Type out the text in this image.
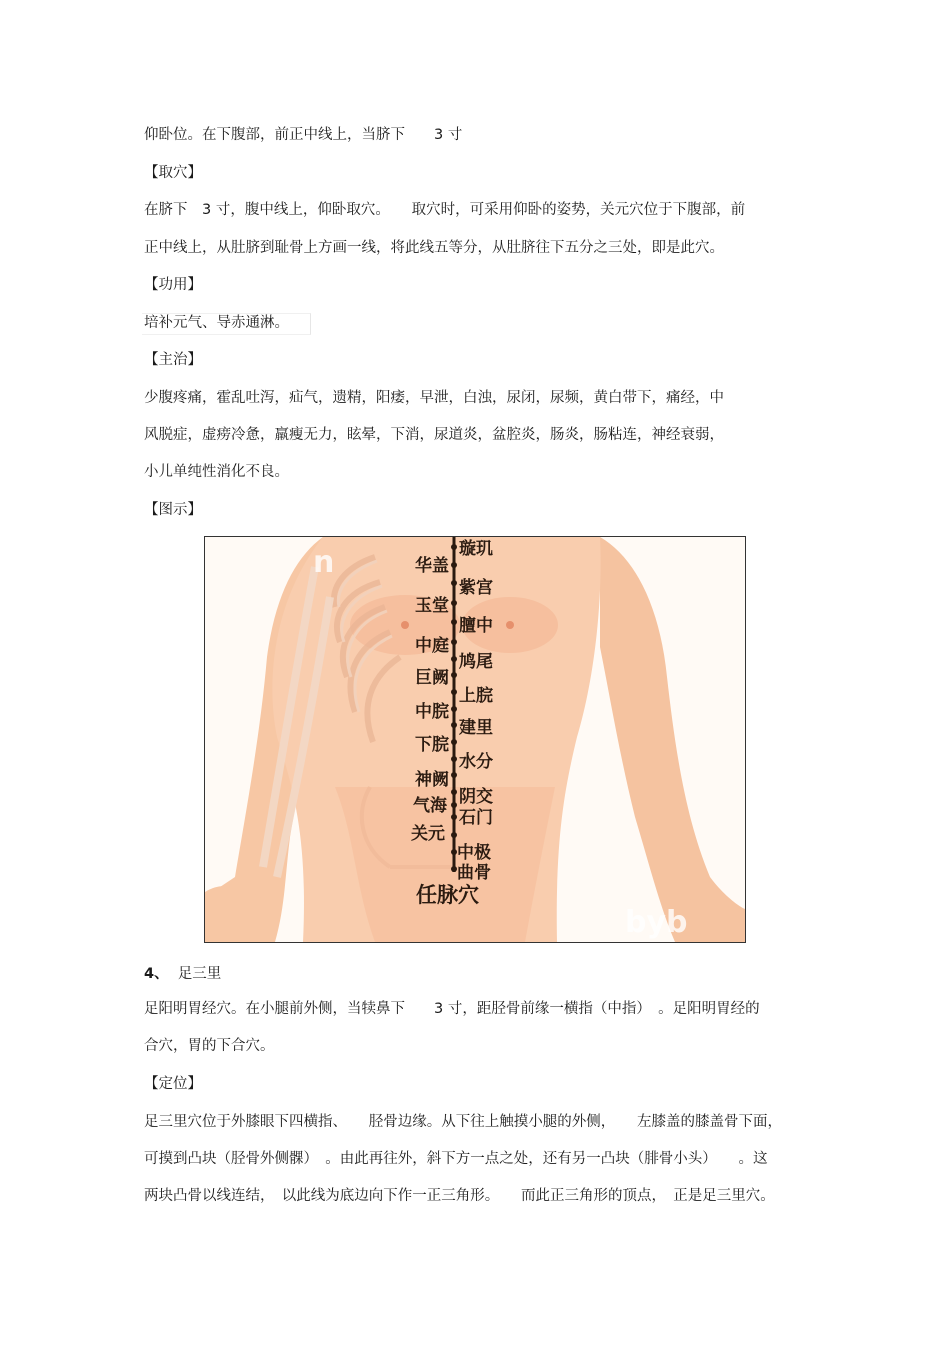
仰卧位。在下腹部，前正中线上，当脐下　　3 寸
【取穴】
在脐下　3 寸，腹中线上，仰卧取穴。　　取穴时，可采用仰卧的姿势，关元穴位于下腹部，前
正中线上，从肚脐到耻骨上方画一线，将此线五等分，从肚脐往下五分之三处，即是此穴。
【功用】
培补元气、导赤通淋。
【主治】
少腹疼痛，霍乱吐泻，疝气，遗精，阳痿，早泄，白浊，尿闭，尿频，黄白带下，痛经，中
风脱症，虚痨冷惫，羸瘦无力，眩晕，下消，尿道炎，盆腔炎，肠炎，肠粘连，神经衰弱，
小儿单纯性消化不良。
【图示】
n
byb
华盖
玉堂
中庭
巨阙
中脘
下脘
神阙
气海
关元
璇玑
紫宫
膻中
鸠尾
上脘
建里
水分
阴交
石门
中极
曲骨
任脉穴
4、 足三里
足阳明胃经穴。在小腿前外侧，当犊鼻下　　3 寸，距胫骨前缘一横指（中指）　。足阳明胃经的
合穴，胃的下合穴。
【定位】
足三里穴位于外膝眼下四横指、　　胫骨边缘。从下往上触摸小腿的外侧，　　左膝盖的膝盖骨下面，
可摸到凸块（胫骨外侧髁）　。由此再往外，斜下方一点之处，还有另一凸块（腓骨小头）　　。这
两块凸骨以线连结，　以此线为底边向下作一正三角形。　　而此正三角形的顶点，　正是足三里穴。
